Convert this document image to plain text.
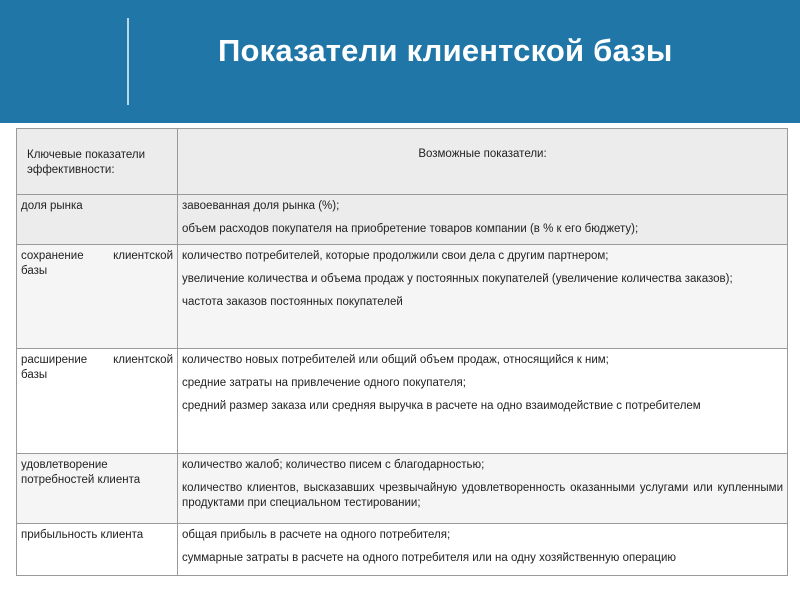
Показатели клиентской базы
Ключевые показатели эффективности:	Возможные показатели:
доля рынка	завоеванная доля рынка (%);
объем расходов покупателя на приобретение товаров компании (в % к его бюджету);

сохранение клиентской базы	количество потребителей, которые продолжили свои дела с другим партнером;
увеличение количества и объема продаж у постоянных покупателей (увеличение количества заказов);
частота заказов постоянных покупателей

расширение клиентской базы	количество новых потребителей или общий объем продаж, относящийся к ним;
средние затраты на привлечение одного покупателя;
средний размер заказа или средняя выручка в расчете на одно взаимодействие с потребителем

удовлетворение потребностей клиента	количество жалоб; количество писем с благодарностью;
количество клиентов, высказавших чрезвычайную удовлетворенность оказанными услугами или купленными продуктами при специальном тестировании;

прибыльность клиента	общая прибыль в расчете на одного потребителя;
суммарные затраты в расчете на одного потребителя или на одну хозяйственную операцию
